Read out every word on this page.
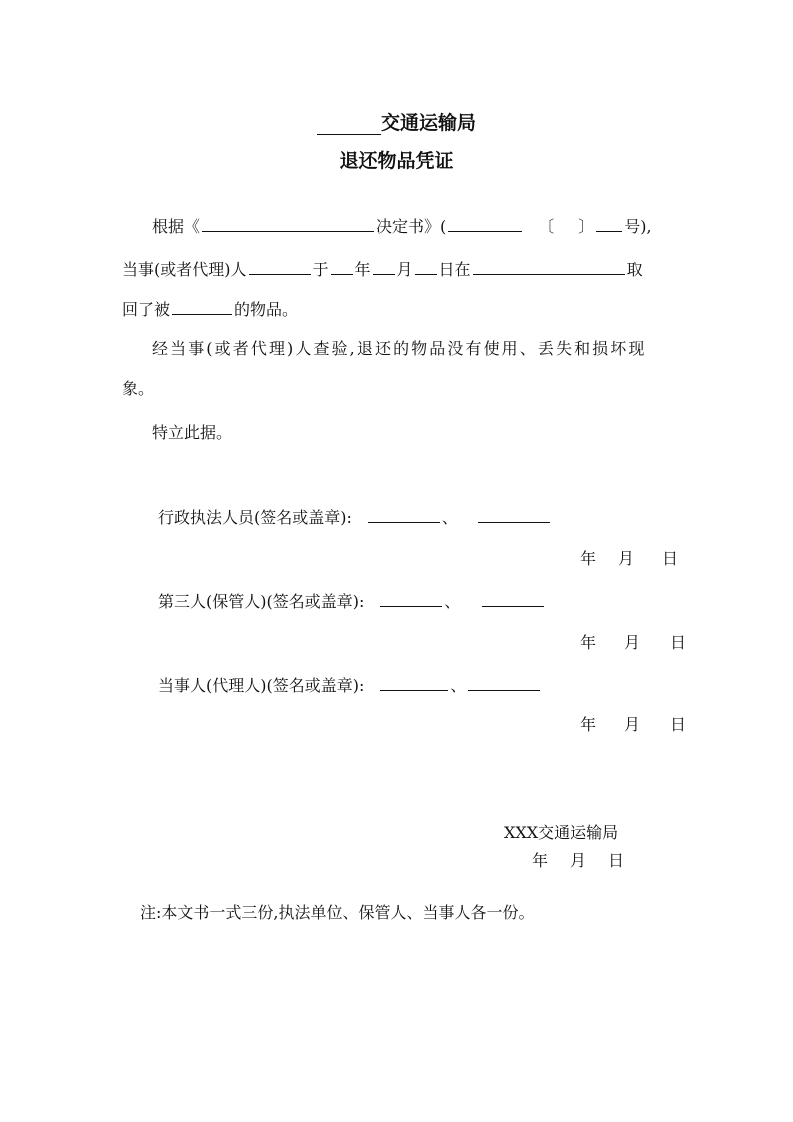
交通运输局
退还物品凭证
根据《	决定书》(	〔 〕 号),
当事(或者代理)人	于 年 月 日在	取
回了被	的物品。
经当事(或者代理)人查验,退还的物品没有使用、丢失和损坏现
象。
特立此据。
行政执法人员(签名或盖章):	、
年 月 日
第三人(保管人)(签名或盖章):	、
年 月 日
当事人(代理人)(签名或盖章):	、
年 月 日
XXX交通运输局
年 月 日
注:本文书一式三份,执法单位、保管人、当事人各一份。
